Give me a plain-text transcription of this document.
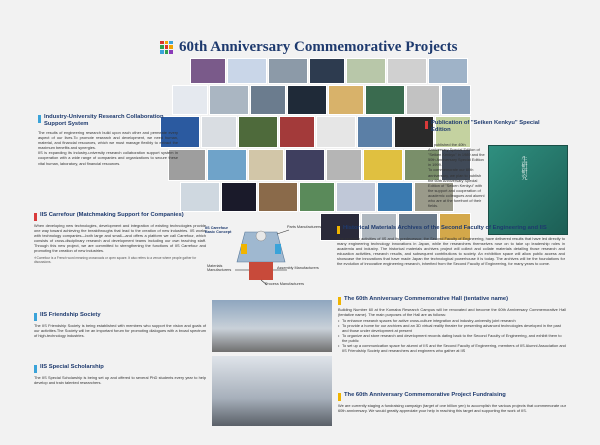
60th Anniversary Commemorative Projects
Industry-University Research Collaboration Support System
The results of engineering research build upon each other and permeate every aspect of our lives.To promote research and development, we need human, material, and financial resources, which we must manage flexibly to extract the maximum benefits and synergies.
IIS is expanding its industry-university research collaboration support system in cooperation with a wide range of companies and organizations to secure these vital human, laboratory, and financial resources.
Publication of "Seiken Kenkyu" Special Edition
IIS published the 40th Anniversary Special Edition of "Seiken Kenkyu" in 1989 and the 50th Anniversary Special Edition in 1999.
To commemorate our 60th anniversary, we plan to publish the 60th Anniversary Special Edition of "Seiken Kenkyu" with the support and cooperation of academic colleagues and alumni who are at the forefront of their fields.
生研研究
IIS Carrefour (Matchmaking Support for Companies)
When developing new technologies, development and integration of existing technologies provide one way toward achieving the breakthroughs that lead to the creation of new industries. IIS works with technology companies—both large and small—and offers a platform we call Carrefour, which consists of cross-disciplinary research and development teams including our own teaching staff. Through this new project, we are committed to strengthening the functions of IIS Carrefour and promoting the creation of new industries.
※Carrefour is a French word meaning crossroads or open square. It also refers to a venue where people gather for discussions.
IIS Carrefour Basic Concept
Parts Manufacturers
Materials Manufacturers	Assembly Manufacturers
Process Manufacturers
Historical Materials Archives of the Second Faculty of Engineering and IIS
The research activities of IIS and its predecessor, the Second Faculty of Engineering, have delivered results that have led directly to many engineering technology innovations in Japan, while the researchers themselves rose on to take up leadership roles in academia and industry. The historical materials archives project will collect and collate materials detailing those research and education activities, research results, and subsequent contributions to society. An exhibition space will allow public access and showcase the innovations that have made Japan the technological powerhouse it is today. The archives will be the foundations for the evolution of innovative engineering research, inherited from the Second Faculty of Engineering, for many years to come.
IIS Friendship Society
The IIS Friendship Society is being established with members who support the vision and goals of our activities.The Society will be an important forum for promoting dialogues with a broad spectrum of high-technology industries.
The 60th Anniversary Commemorative Hall (tentative name)
Building Number 60 at the Komaba Research Campus will be renovated and become the 60th Anniversary Commemorative Hall (tentative name). The main purposes of the Hall are as follows:
• To enhance research spaces for active cross-culture integration and industry-university joint research
• To provide a home for our archives and an 3D virtual reality theater for presenting advanced technologies developed in the past and those under development at present
• To organize and store research and development records dating back to the Second Faculty of Engineering, and exhibit them to the public
• To set up a communication space for alumni of IIS and the Second Faculty of Engineering, members of IIS Alumni Association and IIS Friendship Society and researchers and engineers who gather at IIS
IIS Special Scholarship
The IIS Special Scholarship is being set up and offered to several PhD students every year to help develop and train talented researchers.
The 60th Anniversary Commemorative Project Fundraising
We are currently staging a fundraising campaign (target of one billion yen) to accomplish the various projects that commemorate our 60th anniversary. We would greatly appreciate your help in reaching this target and supporting the work of IIS.
